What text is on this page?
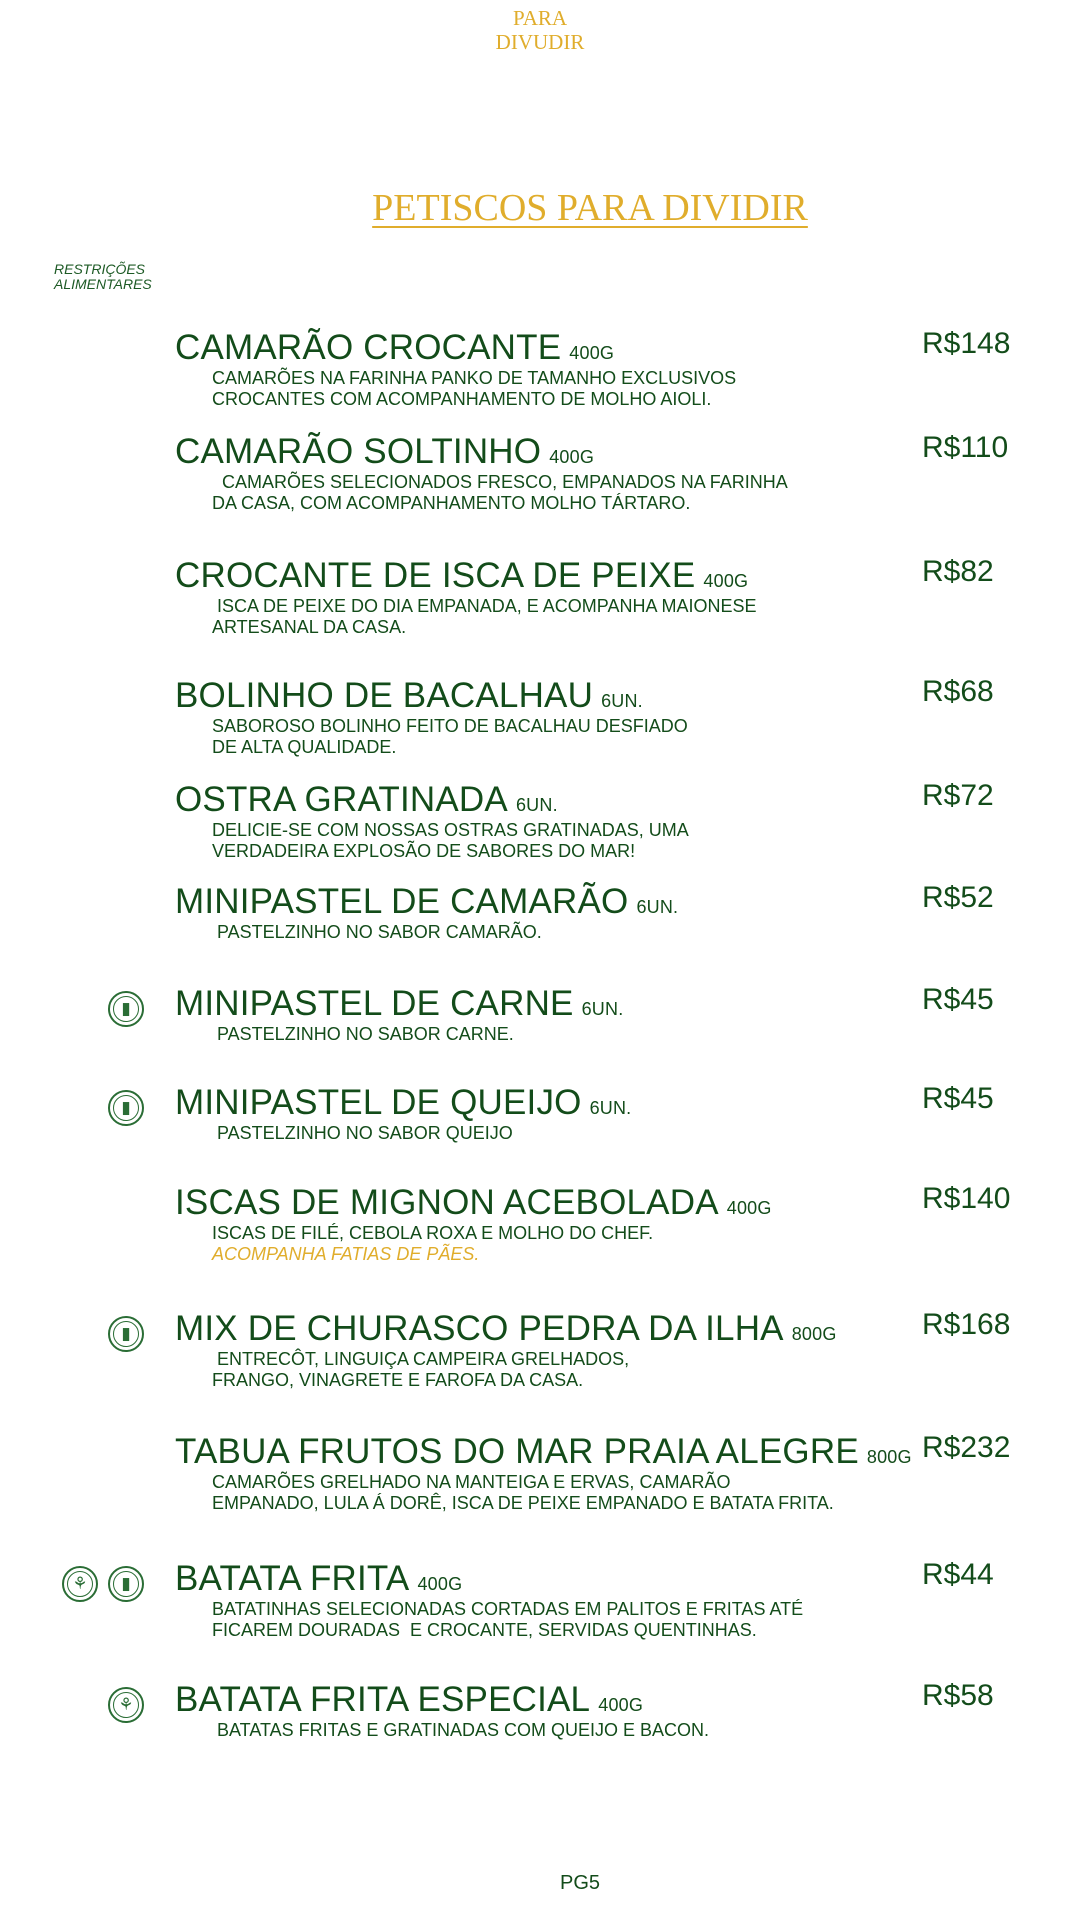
PARA
DIVUDIR
PETISCOS PARA DIVIDIR
RESTRIÇÕES
ALIMENTARES
CAMARÃO CROCANTE 400G
CAMARÕES NA FARINHA PANKO DE TAMANHO EXCLUSIVOS
CROCANTES COM ACOMPANHAMENTO DE MOLHO AIOLI.
R$148
CAMARÃO SOLTINHO 400G
CAMARÕES SELECIONADOS FRESCO, EMPANADOS NA FARINHA
DA CASA, COM ACOMPANHAMENTO MOLHO TÁRTARO.
R$110
CROCANTE DE ISCA DE PEIXE 400G
ISCA DE PEIXE DO DIA EMPANADA, E ACOMPANHA MAIONESE
ARTESANAL DA CASA.
R$82
BOLINHO DE BACALHAU 6UN.
SABOROSO BOLINHO FEITO DE BACALHAU DESFIADO
DE ALTA QUALIDADE.
R$68
OSTRA GRATINADA 6UN.
DELICIE-SE COM NOSSAS OSTRAS GRATINADAS, UMA
VERDADEIRA EXPLOSÃO DE SABORES DO MAR!
R$72
MINIPASTEL DE CAMARÃO 6UN.
PASTELZINHO NO SABOR CAMARÃO.
R$52
▮	MINIPASTEL DE CARNE 6UN.
PASTELZINHO NO SABOR CARNE.
R$45
▮	MINIPASTEL DE QUEIJO 6UN.
PASTELZINHO NO SABOR QUEIJO
R$45
ISCAS DE MIGNON ACEBOLADA 400G
ISCAS DE FILÉ, CEBOLA ROXA E MOLHO DO CHEF.
ACOMPANHA FATIAS DE PÃES.
R$140
▮	MIX DE CHURASCO PEDRA DA ILHA 800G
ENTRECÔT, LINGUIÇA CAMPEIRA GRELHADOS,
FRANGO, VINAGRETE E FAROFA DA CASA.
R$168
TABUA FRUTOS DO MAR PRAIA ALEGRE 800G
CAMARÕES GRELHADO NA MANTEIGA E ERVAS, CAMARÃO
EMPANADO, LULA Á DORÊ, ISCA DE PEIXE EMPANADO E BATATA FRITA.
R$232
⚘	▮	BATATA FRITA 400G
BATATINHAS SELECIONADAS CORTADAS EM PALITOS E FRITAS ATÉ
FICAREM DOURADAS  E CROCANTE, SERVIDAS QUENTINHAS.
R$44
⚘ BATATA FRITA ESPECIAL 400G
BATATAS FRITAS E GRATINADAS COM QUEIJO E BACON.
R$58
PG5
